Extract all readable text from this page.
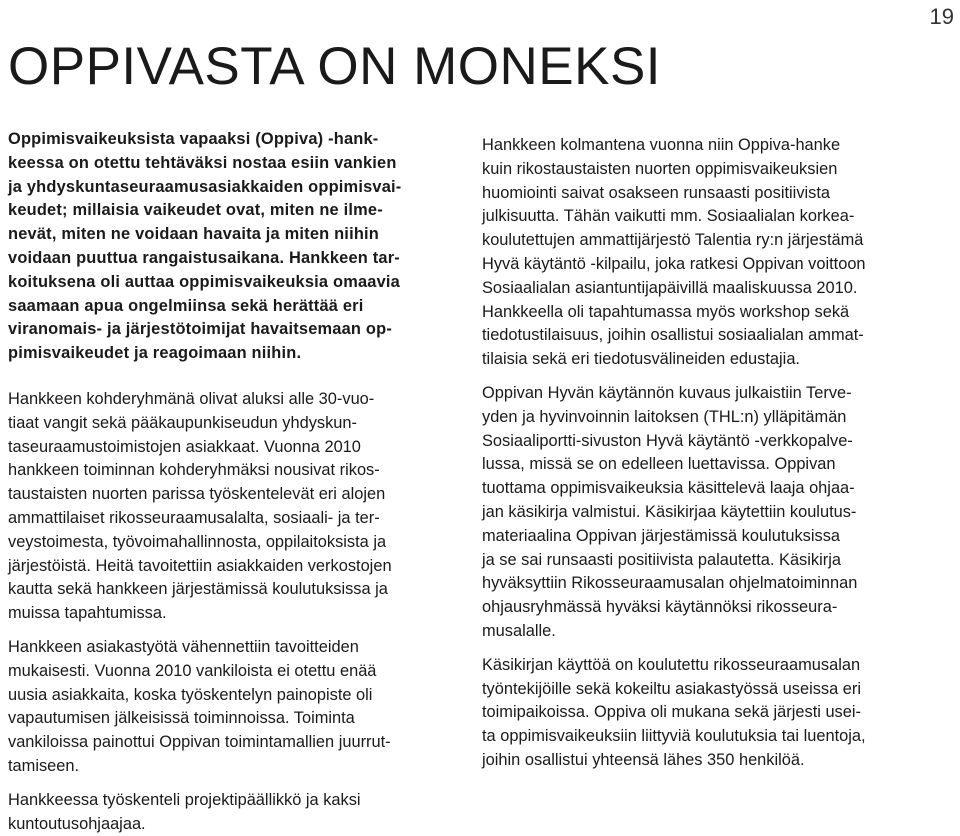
19
OPPIVASTA ON MONEKSI

Oppimisvaikeuksista vapaaksi (Oppiva) -hank-
keessa on otettu tehtäväksi nostaa esiin vankien
ja yhdyskuntaseuraamusasiakkaiden oppimisvai-
keudet; millaisia vaikeudet ovat, miten ne ilme-
nevät, miten ne voidaan havaita ja miten niihin
voidaan puuttua rangaistusaikana. Hankkeen tar-
koituksena oli auttaa oppimisvaikeuksia omaavia
saamaan apua ongelmiinsa sekä herättää eri
viranomais- ja järjestötoimijat havaitsemaan op-
pimisvaikeudet ja reagoimaan niihin.

Hankkeen kohderyhmänä olivat aluksi alle 30-vuo-
tiaat vangit sekä pääkaupunkiseudun yhdyskun-
taseuraamustoimistojen asiakkaat. Vuonna 2010
hankkeen toiminnan kohderyhmäksi nousivat rikos-
taustaisten nuorten parissa työskentelevät eri alojen
ammattilaiset rikosseuraamusalalta, sosiaali- ja ter-
veystoimesta, työvoimahallinnosta, oppilaitoksista ja
järjestöistä. Heitä tavoitettiin asiakkaiden verkostojen
kautta sekä hankkeen järjestämissä koulutuksissa ja
muissa tapahtumissa.

Hankkeen asiakastyötä vähennettiin tavoitteiden
mukaisesti. Vuonna 2010 vankiloista ei otettu enää
uusia asiakkaita, koska työskentelyn painopiste oli
vapautumisen jälkeisissä toiminnoissa. Toiminta
vankiloissa painottui Oppivan toimintamallien juurrut-
tamiseen.

Hankkeessa työskenteli projektipäällikkö ja kaksi
kuntoutusohjaajaa.

Hankkeen kolmantena vuonna niin Oppiva-hanke
kuin rikostaustaisten nuorten oppimisvaikeuksien
huomiointi saivat osakseen runsaasti positiivista
julkisuutta. Tähän vaikutti mm. Sosiaalialan korkea-
koulutettujen ammattijärjestö Talentia ry:n järjestämä
Hyvä käytäntö -kilpailu, joka ratkesi Oppivan voittoon
Sosiaalialan asiantuntijapäivillä maaliskuussa 2010.
Hankkeella oli tapahtumassa myös workshop sekä
tiedotustilaisuus, joihin osallistui sosiaalialan ammat-
tilaisia sekä eri tiedotusvälineiden edustajia.

Oppivan Hyvän käytännön kuvaus julkaistiin Terve-
yden ja hyvinvoinnin laitoksen (THL:n) ylläpitämän
Sosiaaliportti-sivuston Hyvä käytäntö -verkkopalve-
lussa, missä se on edelleen luettavissa. Oppivan
tuottama oppimisvaikeuksia käsittelevä laaja ohjaa-
jan käsikirja valmistui. Käsikirjaa käytettiin koulutus-
materiaalina Oppivan järjestämissä koulutuksissa
ja se sai runsaasti positiivista palautetta. Käsikirja
hyväksyttiin Rikosseuraamusalan ohjelmatoiminnan
ohjausryhmässä hyväksi käytännöksi rikosseura-
musalalle.

Käsikirjan käyttöä on koulutettu rikosseuraamusalan
työntekijöille sekä kokeiltu asiakastyössä useissa eri
toimipaikoissa. Oppiva oli mukana sekä järjesti usei-
ta oppimisvaikeuksiin liittyviä koulutuksia tai luentoja,
joihin osallistui yhteensä lähes 350 henkilöä.
